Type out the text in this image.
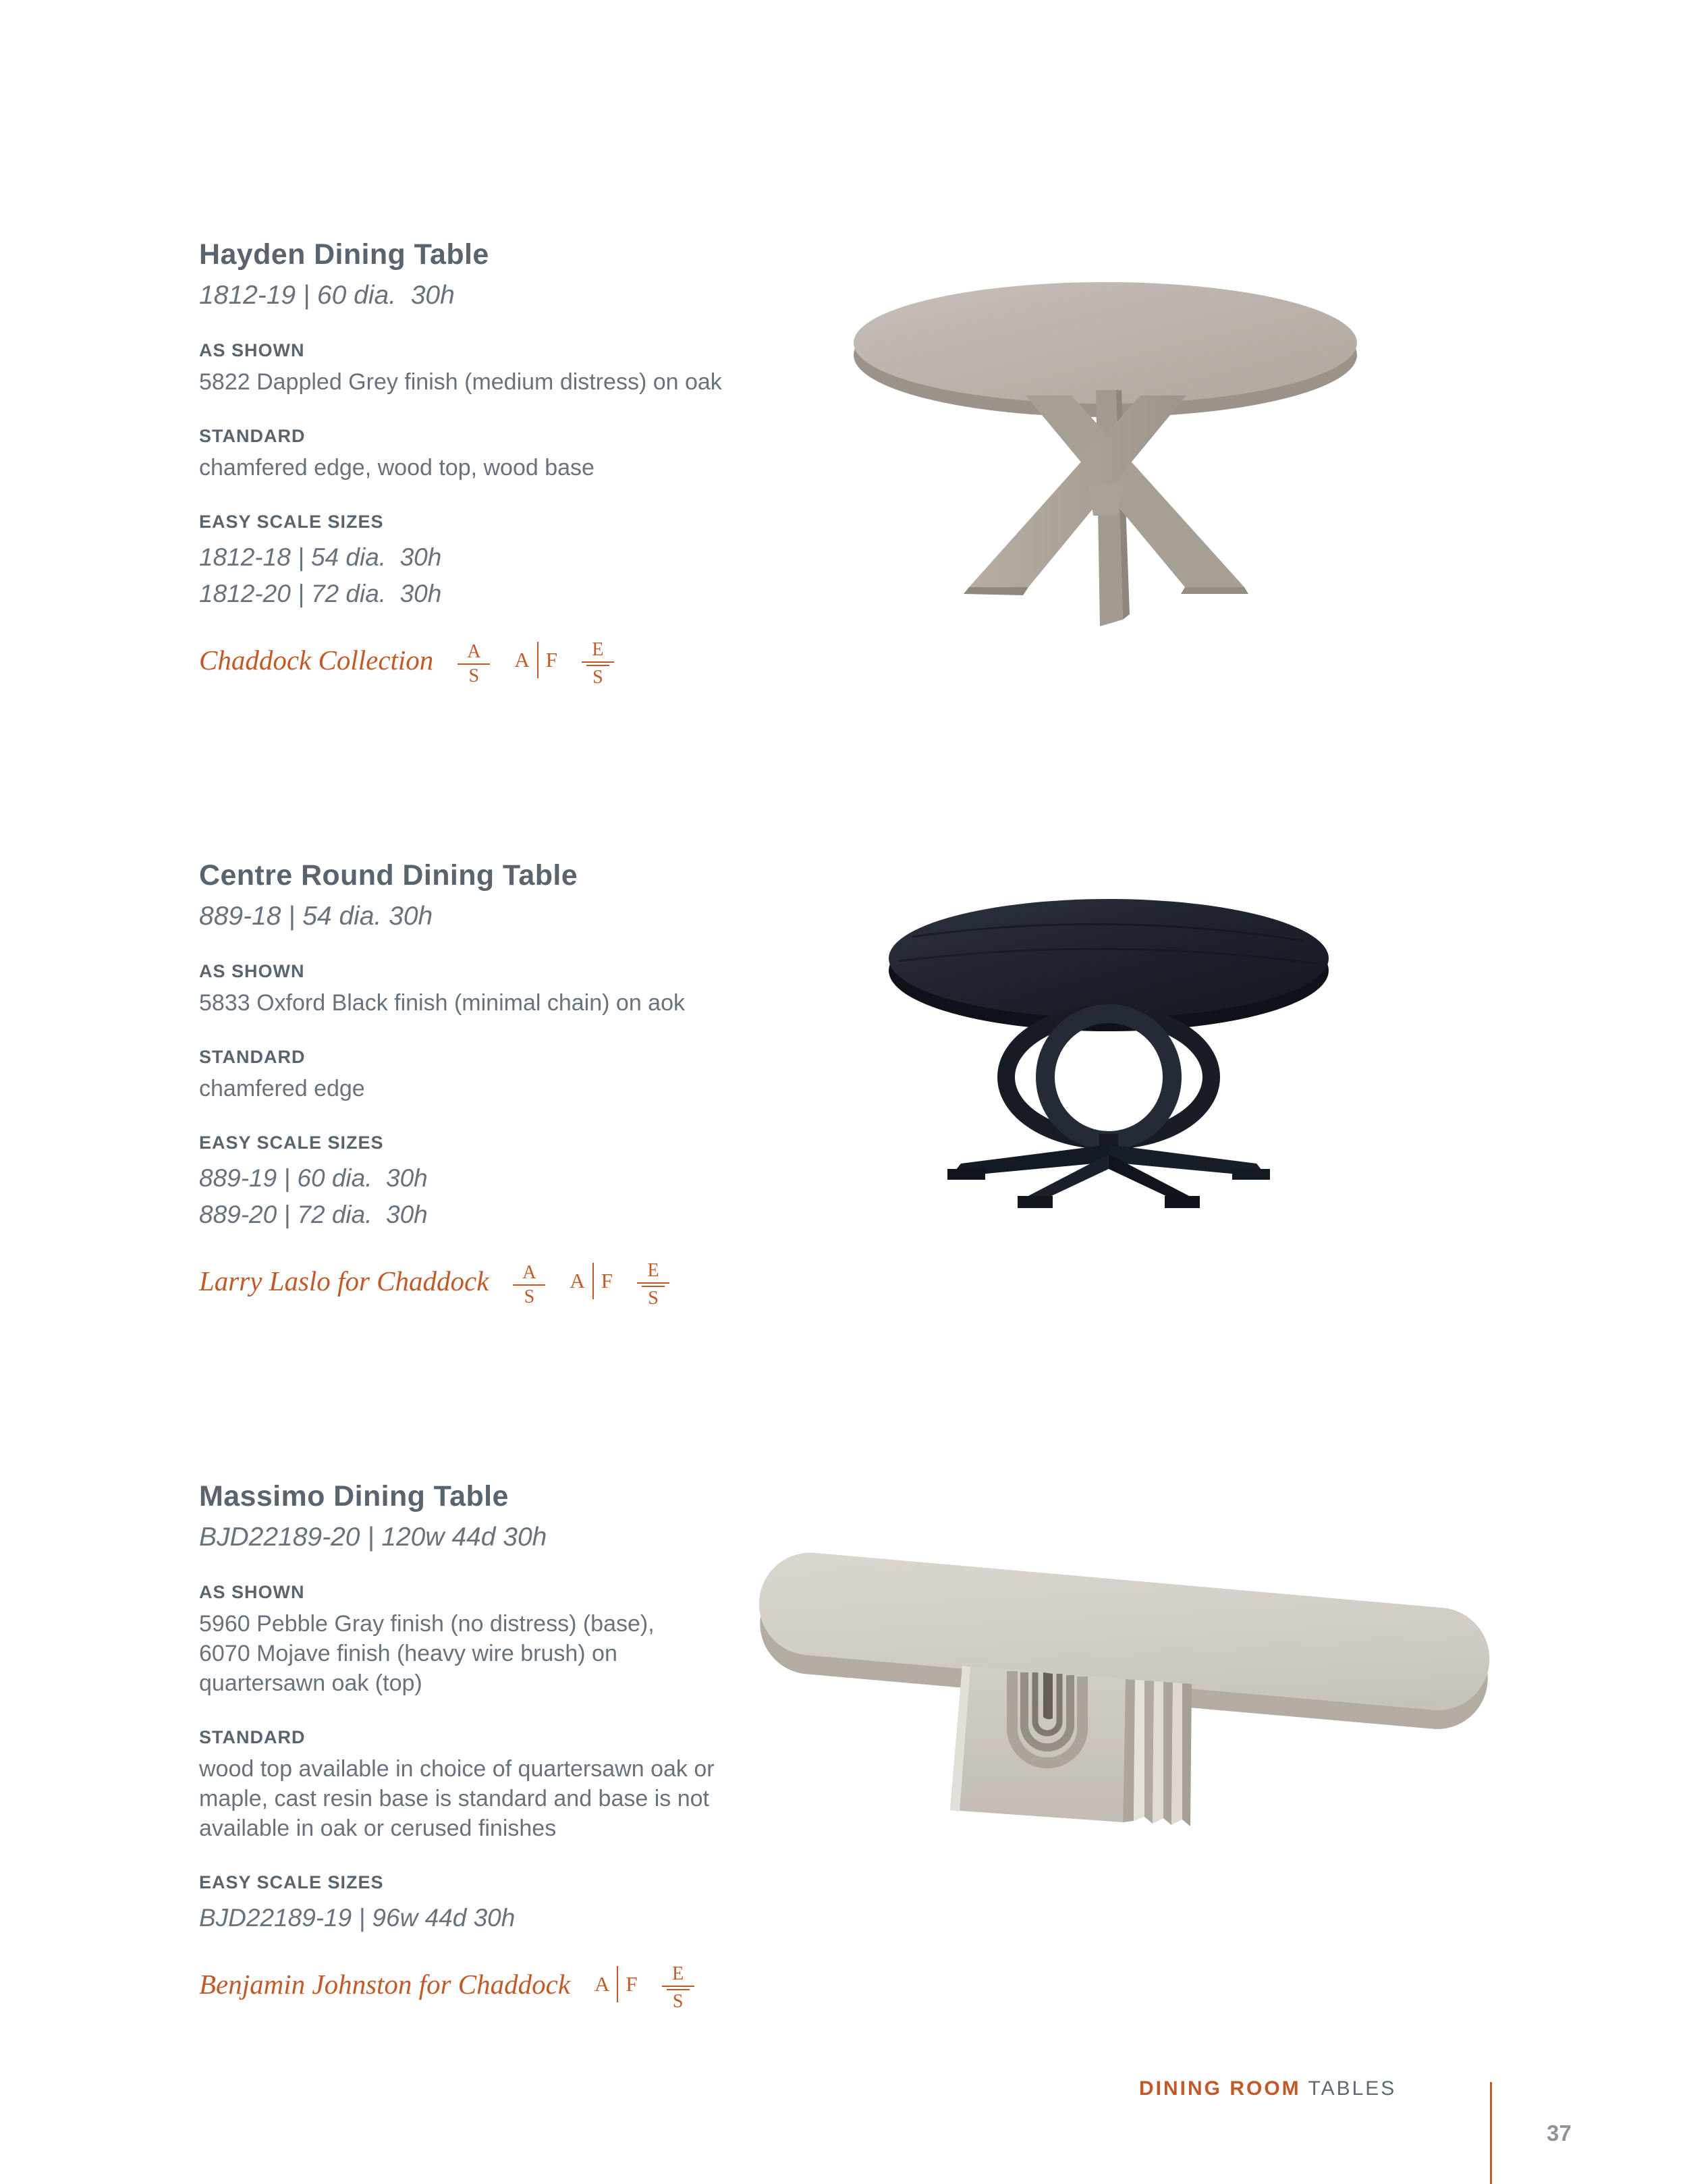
Hayden Dining Table
1812-19 | 60 dia.  30h
AS SHOWN
5822 Dappled Grey finish (medium distress) on oak
STANDARD
chamfered edge, wood top, wood base
EASY SCALE SIZES
1812-18 | 54 dia.  30h
1812-20 | 72 dia.  30h
Chaddock Collection $\frac{A}{S}$ A F $\frac{E}{S}$
Centre Round Dining Table
889-18 | 54 dia. 30h
AS SHOWN
5833 Oxford Black finish (minimal chain) on aok
STANDARD
chamfered edge
EASY SCALE SIZES
889-19 | 60 dia.  30h
889-20 | 72 dia.  30h
Larry Laslo for Chaddock $\frac{A}{S}$ A F $\frac{E}{S}$
Massimo Dining Table
BJD22189-20 | 120w 44d 30h
AS SHOWN
5960 Pebble Gray finish (no distress) (base),
6070 Mojave finish (heavy wire brush) on
quartersawn oak (top)
STANDARD
wood top available in choice of quartersawn oak or
maple, cast resin base is standard and base is not
available in oak or cerused finishes
EASY SCALE SIZES
BJD22189-19 | 96w 44d 30h
Benjamin Johnston for Chaddock A F $\frac{E}{S}$
DINING ROOM TABLES
37
